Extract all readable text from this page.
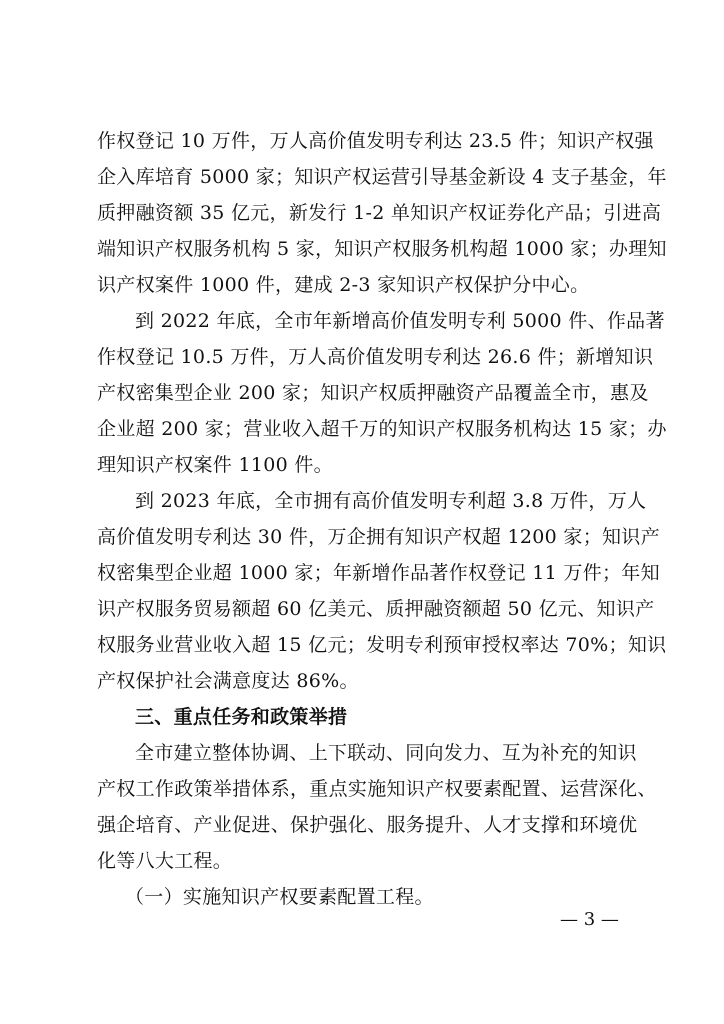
作权登记 10 万件，万人高价值发明专利达 23.5 件；知识产权强
企入库培育 5000 家；知识产权运营引导基金新设 4 支子基金，年
质押融资额 35 亿元，新发行 1-2 单知识产权证券化产品；引进高
端知识产权服务机构 5 家，知识产权服务机构超 1000 家；办理知
识产权案件 1000 件，建成 2-3 家知识产权保护分中心。
到 2022 年底，全市年新增高价值发明专利 5000 件、作品著
作权登记 10.5 万件，万人高价值发明专利达 26.6 件；新增知识
产权密集型企业 200 家；知识产权质押融资产品覆盖全市，惠及
企业超 200 家；营业收入超千万的知识产权服务机构达 15 家；办
理知识产权案件 1100 件。
到 2023 年底，全市拥有高价值发明专利超 3.8 万件，万人
高价值发明专利达 30 件，万企拥有知识产权超 1200 家；知识产
权密集型企业超 1000 家；年新增作品著作权登记 11 万件；年知
识产权服务贸易额超 60 亿美元、质押融资额超 50 亿元、知识产
权服务业营业收入超 15 亿元；发明专利预审授权率达 70%；知识
产权保护社会满意度达 86%。
三、重点任务和政策举措
全市建立整体协调、上下联动、同向发力、互为补充的知识
产权工作政策举措体系，重点实施知识产权要素配置、运营深化、
强企培育、产业促进、保护强化、服务提升、人才支撑和环境优
化等八大工程。
（一）实施知识产权要素配置工程。
— 3 —
